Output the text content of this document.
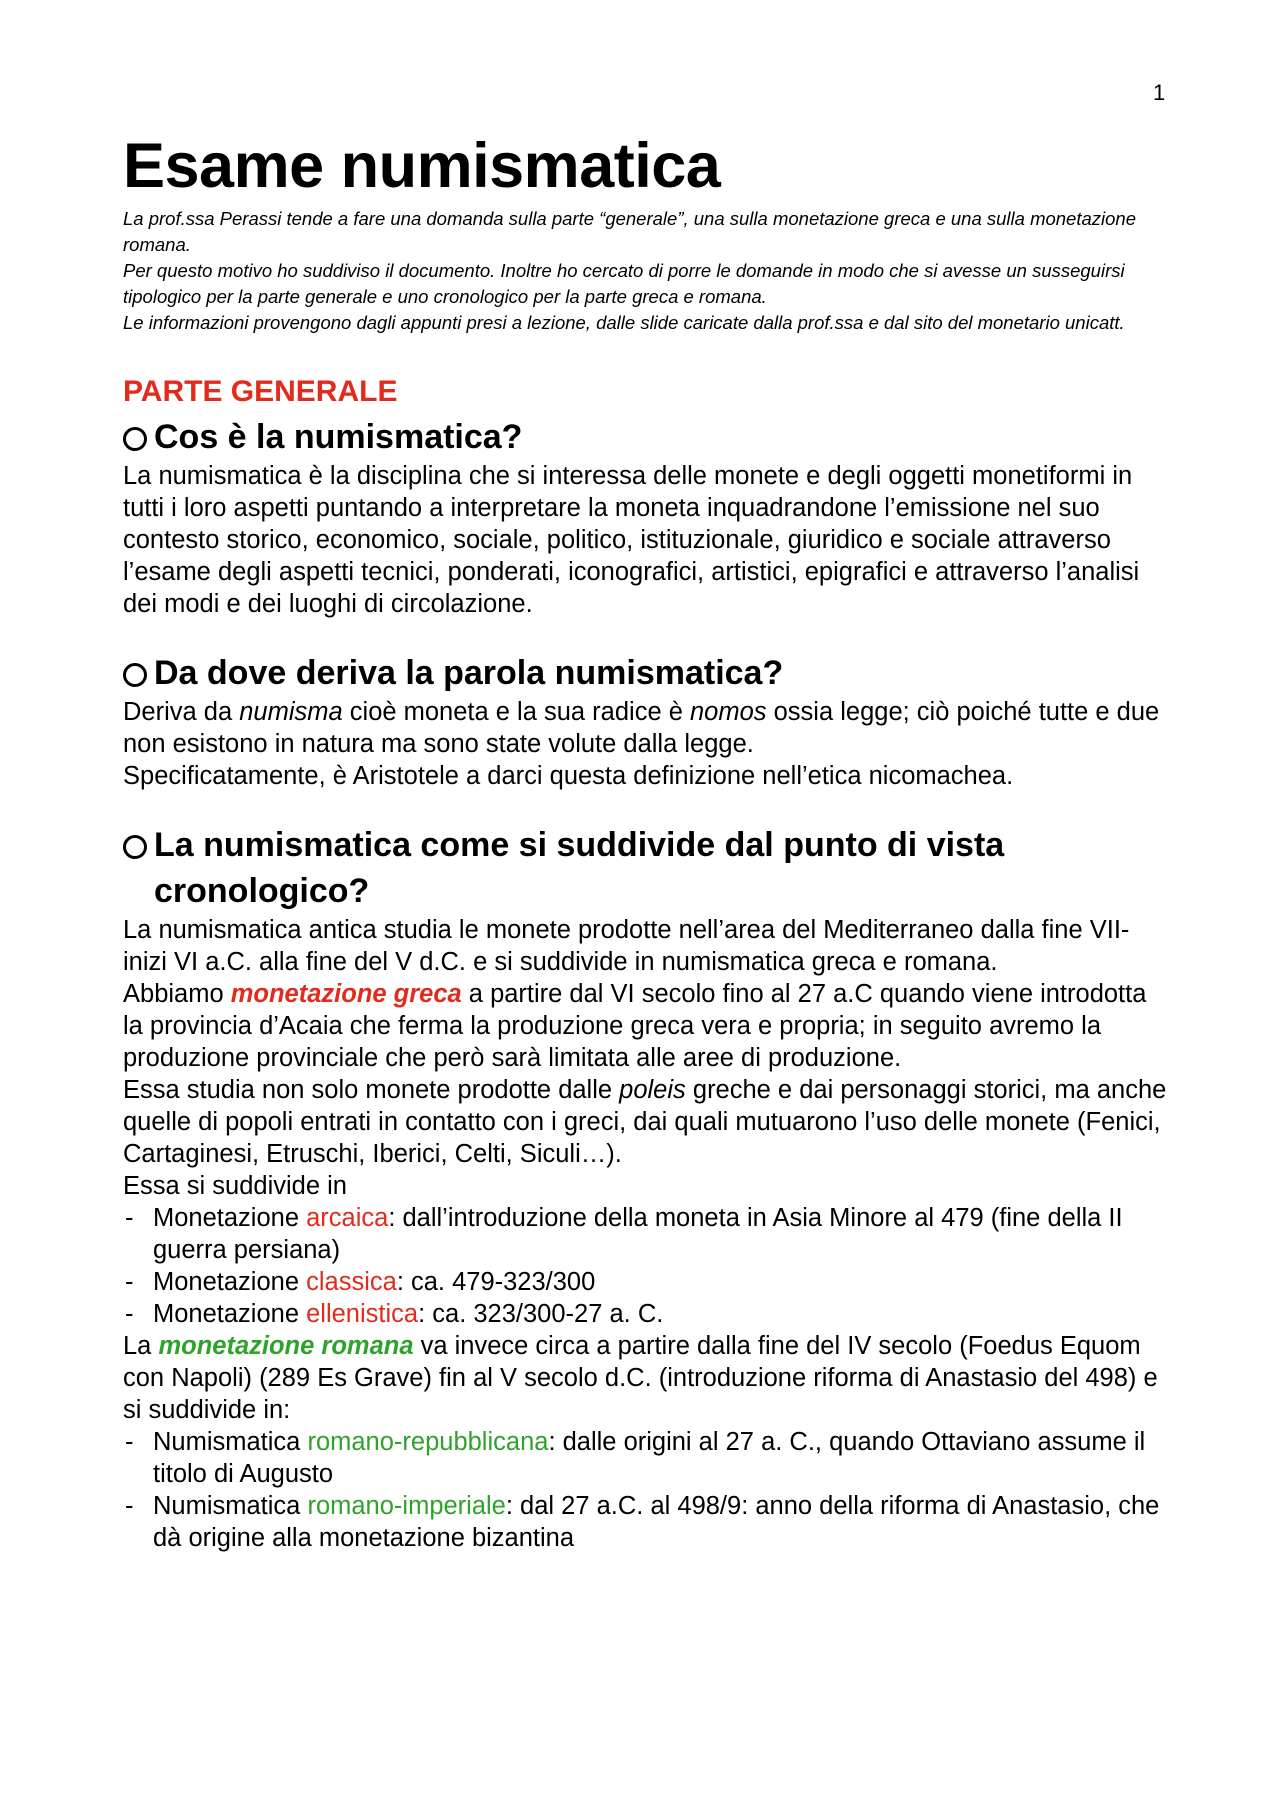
1
Esame numismatica

La prof.ssa Perassi tende a fare una domanda sulla parte “generale”, una sulla monetazione greca e una sulla monetazione romana.

Per questo motivo ho suddiviso il documento. Inoltre ho cercato di porre le domande in modo che si avesse un susseguirsi tipologico per la parte generale e uno cronologico per la parte greca e romana.

Le informazioni provengono dagli appunti presi a lezione, dalle slide caricate dalla prof.ssa e dal sito del monetario unicatt.

PARTE GENERALE
Cos è la numismatica?

La numismatica è la disciplina che si interessa delle monete e degli oggetti monetiformi in tutti i loro aspetti puntando a interpretare la moneta inquadrandone l’emissione nel suo contesto storico, economico, sociale, politico, istituzionale, giuridico e sociale attraverso l’esame degli aspetti tecnici, ponderati, iconografici, artistici, epigrafici e attraverso l’analisi dei modi e dei luoghi di circolazione.

Da dove deriva la parola numismatica?

Deriva da numisma cioè moneta e la sua radice è nomos ossia legge; ciò poiché tutte e due non esistono in natura ma sono state volute dalla legge.

Specificatamente, è Aristotele a darci questa definizione nell’etica nicomachea.

La numismatica come si suddivide dal punto di vista cronologico?

La numismatica antica studia le monete prodotte nell’area del Mediterraneo dalla fine VII-inizi VI a.C. alla fine del V d.C. e si suddivide in numismatica greca e romana.

Abbiamo monetazione greca a partire dal VI secolo fino al 27 a.C quando viene introdotta la provincia d’Acaia che ferma la produzione greca vera e propria; in seguito avremo la produzione provinciale che però sarà limitata alle aree di produzione.

Essa studia non solo monete prodotte dalle poleis greche e dai personaggi storici, ma anche quelle di popoli entrati in contatto con i greci, dai quali mutuarono l’uso delle monete (Fenici, Cartaginesi, Etruschi, Iberici, Celti, Siculi…).

Essa si suddivide in

- Monetazione arcaica: dall’introduzione della moneta in Asia Minore al 479 (fine della II guerra persiana)
- Monetazione classica: ca. 479-323/300
- Monetazione ellenistica: ca. 323/300-27 a. C.

La monetazione romana va invece circa a partire dalla fine del IV secolo (Foedus Equom con Napoli) (289 Es Grave) fin al V secolo d.C. (introduzione riforma di Anastasio del 498) e si suddivide in:

- Numismatica romano-repubblicana: dalle origini al 27 a. C., quando Ottaviano assume il titolo di Augusto
- Numismatica romano-imperiale: dal 27 a.C. al 498/9: anno della riforma di Anastasio, che dà origine alla monetazione bizantina
